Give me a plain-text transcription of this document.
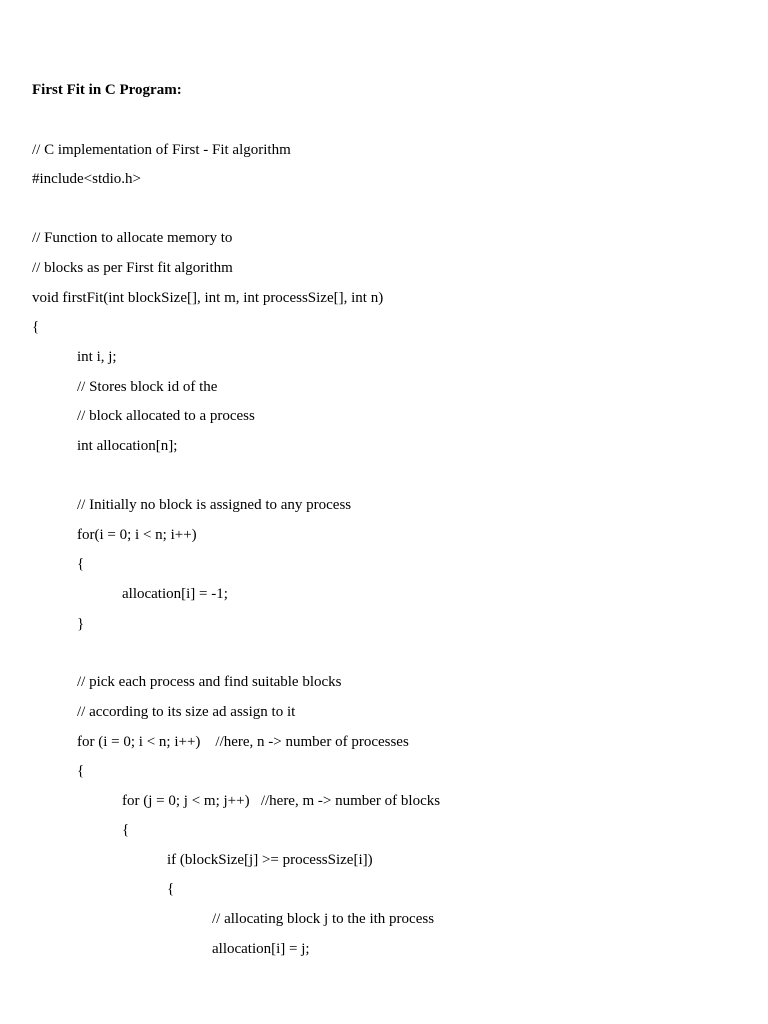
First Fit in C Program:
// C implementation of First - Fit algorithm
#include<stdio.h>
// Function to allocate memory to
// blocks as per First fit algorithm
void firstFit(int blockSize[], int m, int processSize[], int n)
{
int i, j;
// Stores block id of the
// block allocated to a process
int allocation[n];
// Initially no block is assigned to any process
for(i = 0; i < n; i++)
{
allocation[i] = -1;
}
// pick each process and find suitable blocks
// according to its size ad assign to it
for (i = 0; i < n; i++)    //here, n -> number of processes
{
for (j = 0; j < m; j++)   //here, m -> number of blocks
{
if (blockSize[j] >= processSize[i])
{
// allocating block j to the ith process
allocation[i] = j;
